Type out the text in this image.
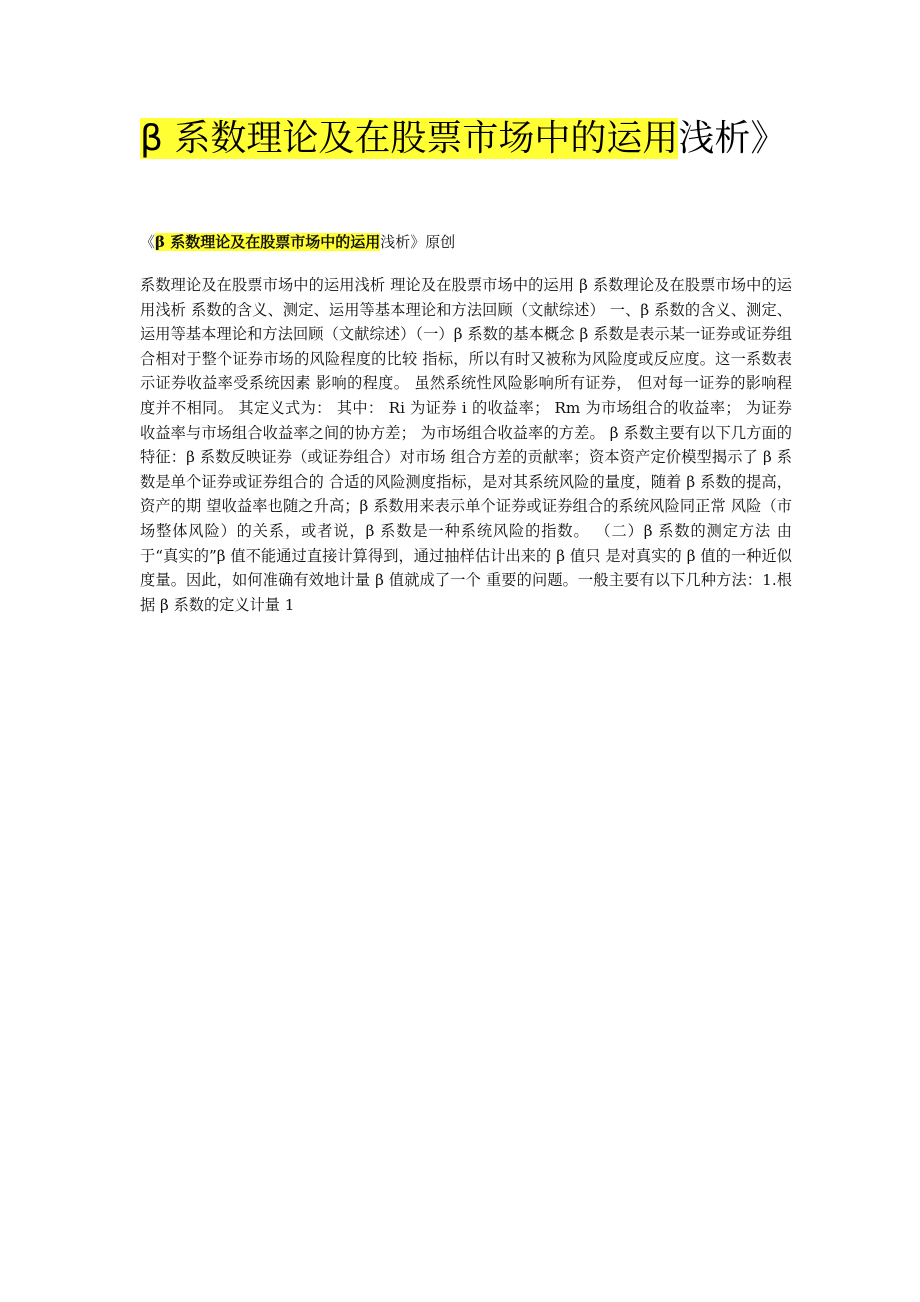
β 系数理论及在股票市场中的运用浅析》
《β 系数理论及在股票市场中的运用浅析》原创

系数理论及在股票市场中的运用浅析 理论及在股票市场中的运用 β 系数理论及在股票市场中的运用浅析 系数的含义、测定、运用等基本理论和方法回顾（文献综述） 一、β 系数的含义、测定、运用等基本理论和方法回顾（文献综述）（一）β 系数的基本概念 β 系数是表示某一证券或证券组合相对于整个证券市场的风险程度的比较 指标，所以有时又被称为风险度或反应度。这一系数表示证券收益率受系统因素 影响的程度。 虽然系统性风险影响所有证券， 但对每一证券的影响程度并不相同。 其定义式为： 其中： Ri 为证券 i 的收益率； Rm 为市场组合的收益率； 为证券收益率与市场组合收益率之间的协方差； 为市场组合收益率的方差。 β 系数主要有以下几方面的特征：β 系数反映证券（或证券组合）对市场 组合方差的贡献率；资本资产定价模型揭示了 β 系数是单个证券或证券组合的 合适的风险测度指标，是对其系统风险的量度，随着 β 系数的提高，资产的期 望收益率也随之升高；β 系数用来表示单个证券或证券组合的系统风险同正常 风险（市场整体风险）的关系，或者说，β 系数是一种系统风险的指数。 （二）β 系数的测定方法 由于“真实的”β 值不能通过直接计算得到，通过抽样估计出来的 β 值只 是对真实的 β 值的一种近似度量。因此，如何准确有效地计量 β 值就成了一个 重要的问题。一般主要有以下几种方法：1.根据 β 系数的定义计量 1
